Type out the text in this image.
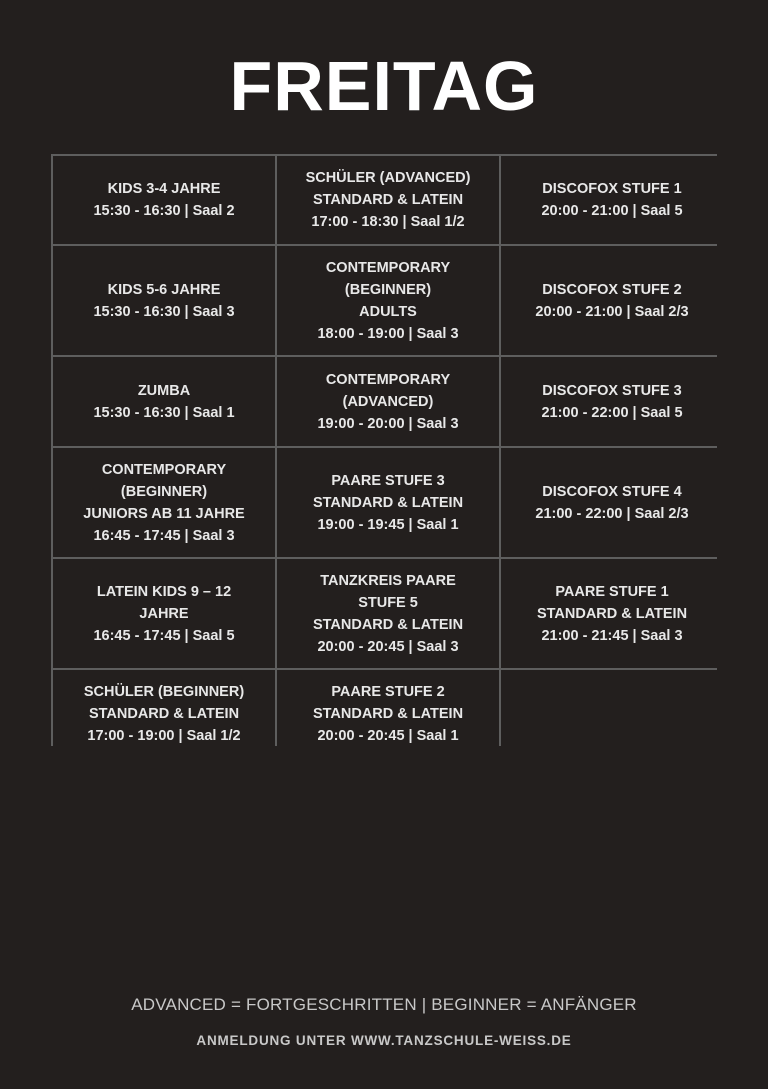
FREITAG
KIDS 3-4 JAHRE
15:30 - 16:30 | Saal 2
SCHÜLER (ADVANCED)
STANDARD & LATEIN
17:00 - 18:30 | Saal 1/2
DISCOFOX STUFE 1
20:00 - 21:00 | Saal 5
KIDS 5-6 JAHRE
15:30 - 16:30 | Saal 3
CONTEMPORARY
(BEGINNER)
ADULTS
18:00 - 19:00 | Saal 3
DISCOFOX STUFE 2
20:00 - 21:00 | Saal 2/3
ZUMBA
15:30 - 16:30 | Saal 1
CONTEMPORARY
(ADVANCED)
19:00 - 20:00 | Saal 3
DISCOFOX STUFE 3
21:00 - 22:00 | Saal 5
CONTEMPORARY
(BEGINNER)
JUNIORS AB 11 JAHRE
16:45 - 17:45 | Saal 3
PAARE STUFE 3
STANDARD & LATEIN
19:00 - 19:45 | Saal 1
DISCOFOX STUFE 4
21:00 - 22:00 | Saal 2/3
LATEIN KIDS 9 – 12
JAHRE
16:45 - 17:45 | Saal 5
TANZKREIS PAARE
STUFE 5
STANDARD & LATEIN
20:00 - 20:45 | Saal 3
PAARE STUFE 1
STANDARD & LATEIN
21:00 - 21:45 | Saal 3
SCHÜLER (BEGINNER)
STANDARD & LATEIN
17:00 - 19:00 | Saal 1/2
PAARE STUFE 2
STANDARD & LATEIN
20:00 - 20:45 | Saal 1
ADVANCED = FORTGESCHRITTEN | BEGINNER = ANFÄNGER
ANMELDUNG UNTER WWW.TANZSCHULE-WEISS.DE
